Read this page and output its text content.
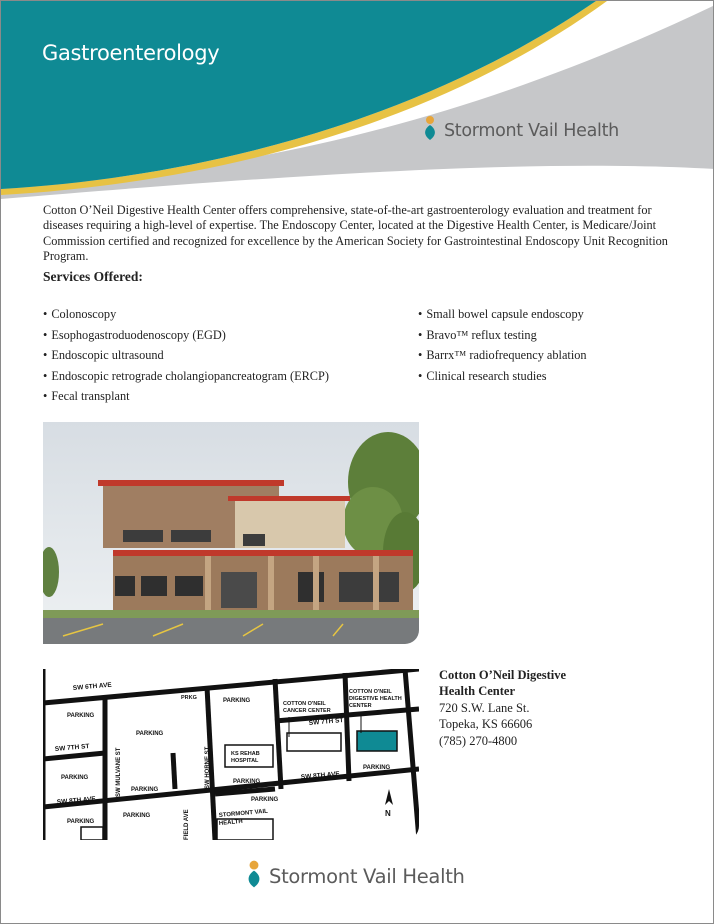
Gastroenterology
Stormont Vail Health

Cotton O’Neil Digestive Health Center offers comprehensive, state-of-the-art gastroenterology evaluation and treatment for diseases requiring a high-level of expertise. The Endoscopy Center, located at the Digestive Health Center, is Medicare/Joint Commission certified and recognized for excellence by the American Society for Gastrointestinal Endoscopy Unit Recognition Program.

Services Offered:
• Colonoscopy
• Esophogastroduodenoscopy (EGD)
• Endoscopic ultrasound
• Endoscopic retrograde cholangiopancreatogram (ERCP)
• Fecal transplant
• Small bowel capsule endoscopy
• Bravo™ reflux testing
• Barrx™ radiofrequency ablation
• Clinical research studies
SW 6TH AVE
SW 7TH ST
SW 7TH ST
SW 8TH AVE
SW 8TH AVE
SW MULVANE ST	SW HORNE ST
FIELD AVE
PARKING
PARKING
PARKING
PARKING
PARKING
PARKING
PARKING
PARKING
PARKING
PARKING
PRKG
COTTON O'NEIL
CANCER CENTER
COTTON O'NEIL
DIGESTIVE HEALTH
CENTER
KS REHAB
HOSPITAL
STORMONT VAIL
HEALTH
N
Cotton O’Neil Digestive
Health Center
720 S.W. Lane St.
Topeka, KS 66606
(785) 270-4800
Stormont Vail Health
